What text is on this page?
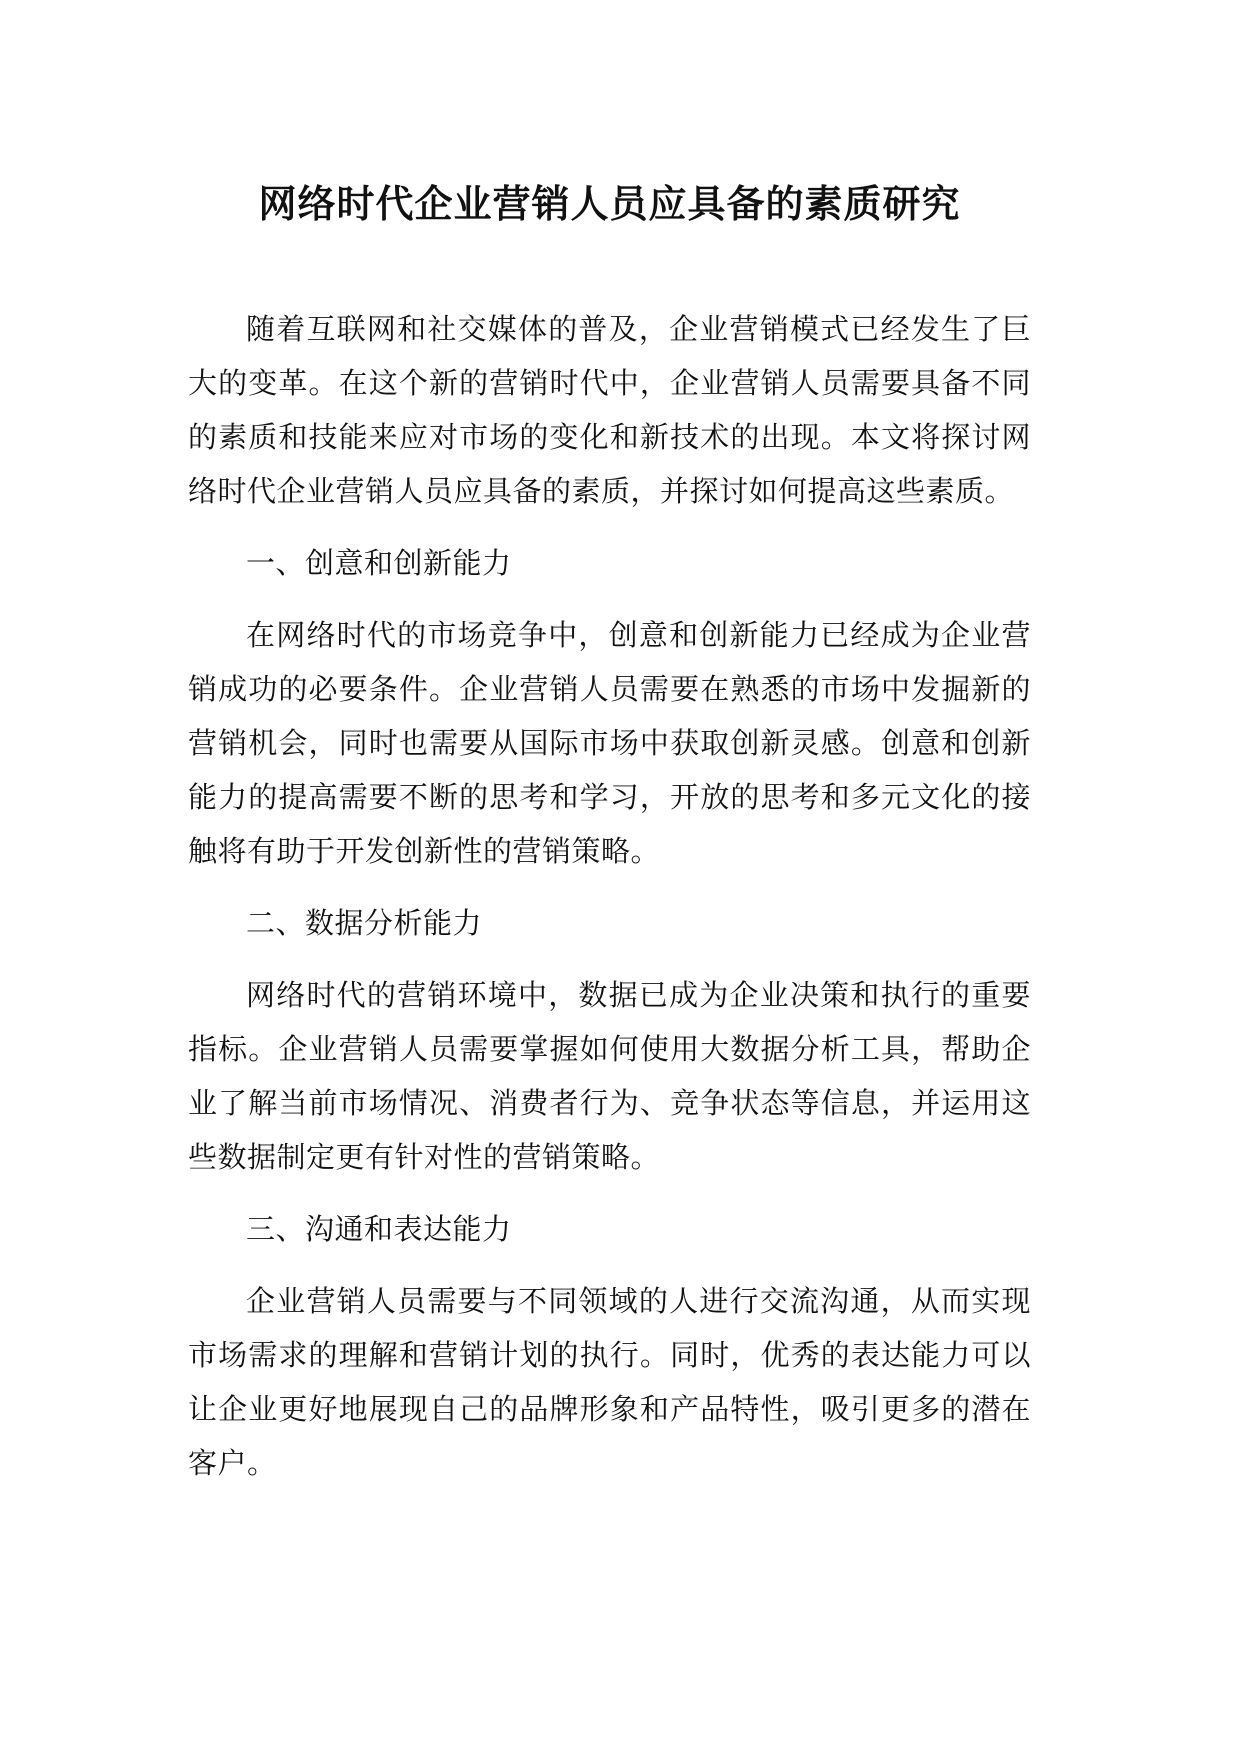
网络时代企业营销人员应具备的素质研究

随着互联网和社交媒体的普及，企业营销模式已经发生了巨大的变革。在这个新的营销时代中，企业营销人员需要具备不同的素质和技能来应对市场的变化和新技术的出现。本文将探讨网络时代企业营销人员应具备的素质，并探讨如何提高这些素质。

一、创意和创新能力

在网络时代的市场竞争中，创意和创新能力已经成为企业营销成功的必要条件。企业营销人员需要在熟悉的市场中发掘新的营销机会，同时也需要从国际市场中获取创新灵感。创意和创新能力的提高需要不断的思考和学习，开放的思考和多元文化的接触将有助于开发创新性的营销策略。

二、数据分析能力

网络时代的营销环境中，数据已成为企业决策和执行的重要指标。企业营销人员需要掌握如何使用大数据分析工具，帮助企业了解当前市场情况、消费者行为、竞争状态等信息，并运用这些数据制定更有针对性的营销策略。

三、沟通和表达能力

企业营销人员需要与不同领域的人进行交流沟通，从而实现市场需求的理解和营销计划的执行。同时，优秀的表达能力可以让企业更好地展现自己的品牌形象和产品特性，吸引更多的潜在客户。
